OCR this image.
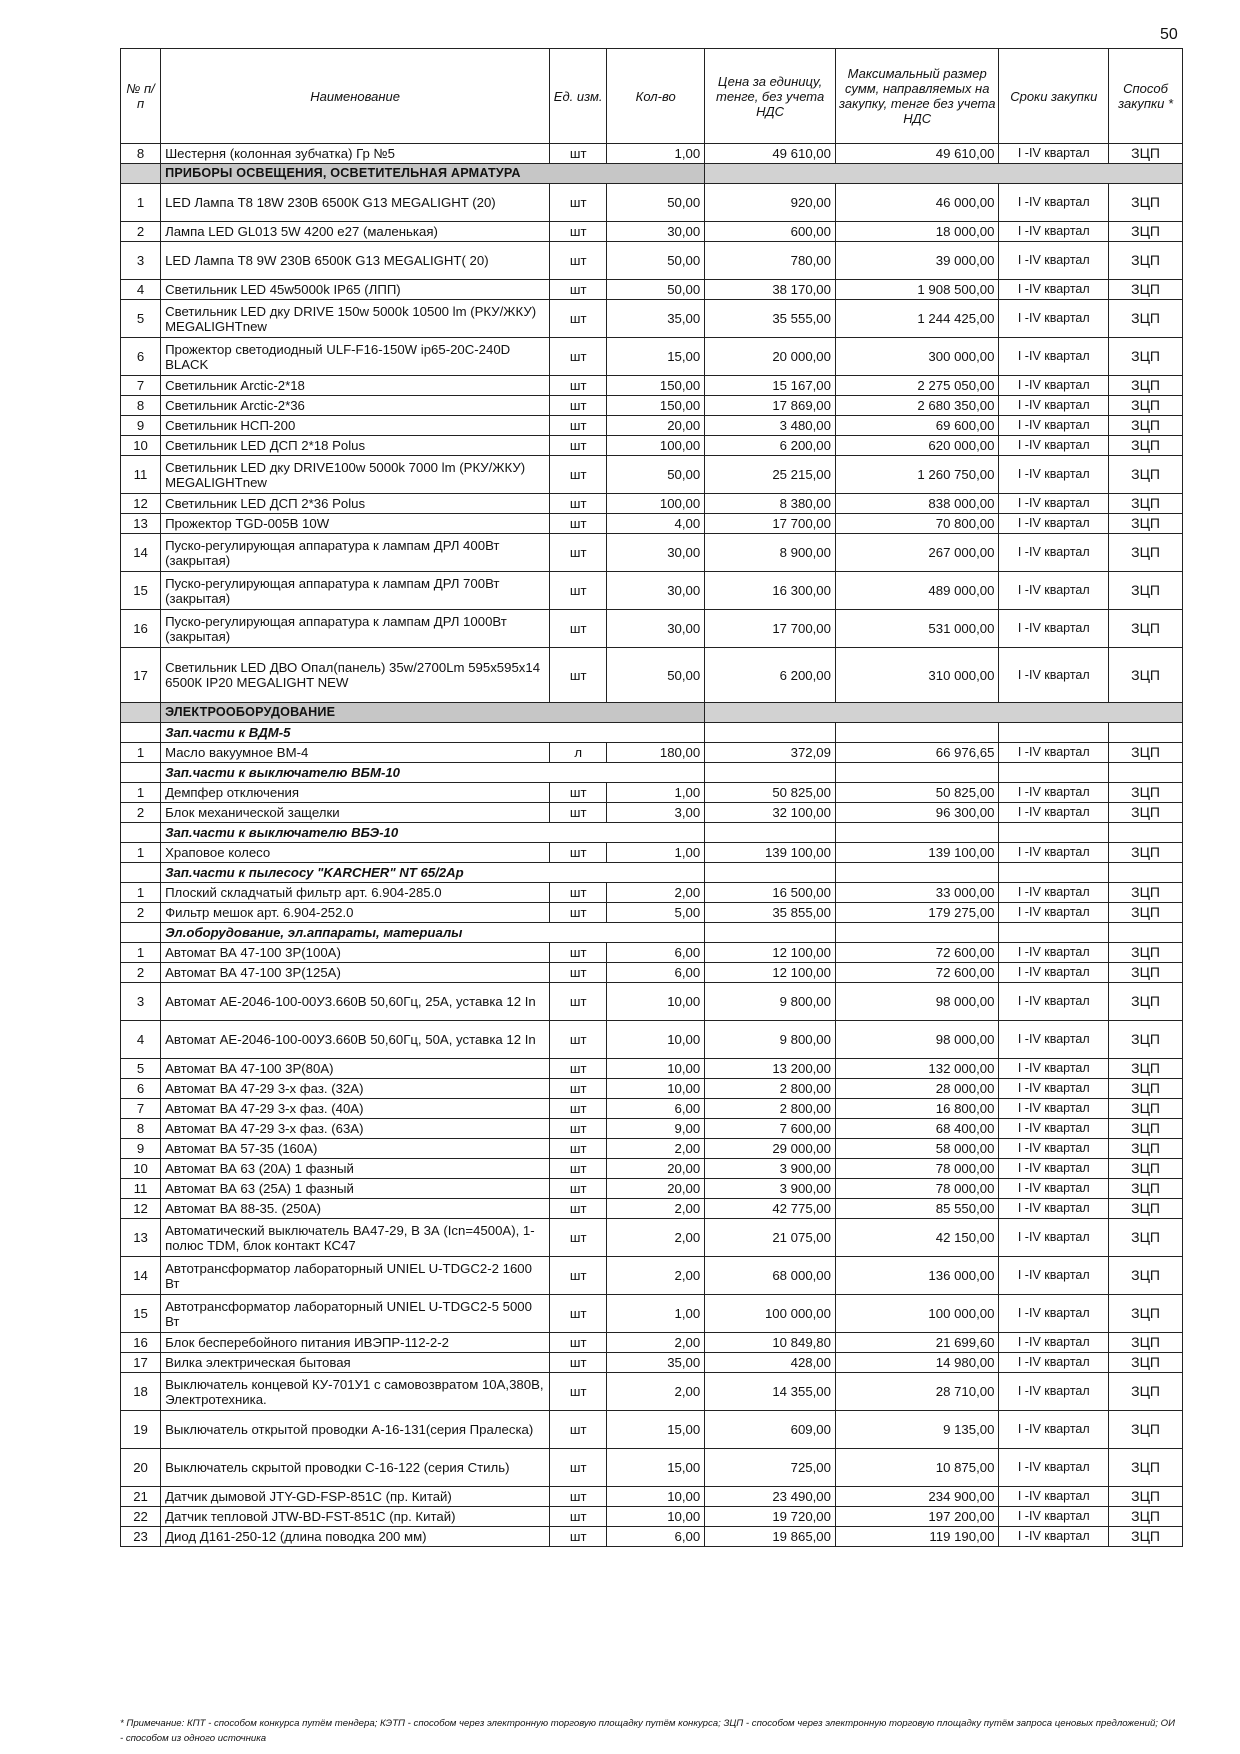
50
№ п/п	Наименование	Ед. изм.	Кол-во	Цена за единицу, тенге, без учета НДС	Максимальный размер сумм, направляемых на закупку, тенге без учета НДС	Сроки закупки	Способ закупки *
8	Шестерня (колонная зубчатка) Гр №5	шт	1,00	49 610,00	49 610,00	I -IV квартал	ЗЦП
	ПРИБОРЫ ОСВЕЩЕНИЯ, ОСВЕТИТЕЛЬНАЯ АРМАТУРА						
1	LED Лампа Т8 18W 230В 6500К G13 MEGALIGHT (20)	шт	50,00	920,00	46 000,00	I -IV квартал	ЗЦП
2	Лампа LED GL013 5W 4200 e27 (маленькая)	шт	30,00	600,00	18 000,00	I -IV квартал	ЗЦП
3	LED Лампа Т8 9W 230В 6500К G13 MEGALIGHT( 20)	шт	50,00	780,00	39 000,00	I -IV квартал	ЗЦП
4	Светильник LED 45w5000k IP65 (ЛПП)	шт	50,00	38 170,00	1 908 500,00	I -IV квартал	ЗЦП
5	Светильник LED дку DRIVE 150w 5000k 10500 lm (РКУ/ЖКУ) MEGALIGHTnew	шт	35,00	35 555,00	1 244 425,00	I -IV квартал	ЗЦП
6	Прожектор светодиодный ULF-F16-150W ip65-20C-240D BLACK	шт	15,00	20 000,00	300 000,00	I -IV квартал	ЗЦП
7	Светильник Arctic-2*18	шт	150,00	15 167,00	2 275 050,00	I -IV квартал	ЗЦП
8	Светильник Arctic-2*36	шт	150,00	17 869,00	2 680 350,00	I -IV квартал	ЗЦП
9	Светильник НСП-200	шт	20,00	3 480,00	69 600,00	I -IV квартал	ЗЦП
10	Светильник LED ДСП 2*18 Polus	шт	100,00	6 200,00	620 000,00	I -IV квартал	ЗЦП
11	Светильник LED дку DRIVE100w 5000k 7000 lm (РКУ/ЖКУ) MEGALIGHTnew	шт	50,00	25 215,00	1 260 750,00	I -IV квартал	ЗЦП
12	Светильник LED ДСП 2*36 Polus	шт	100,00	8 380,00	838 000,00	I -IV квартал	ЗЦП
13	Прожектор TGD-005B 10W	шт	4,00	17 700,00	70 800,00	I -IV квартал	ЗЦП
14	Пуско-регулирующая аппаратура к лампам ДРЛ 400Вт (закрытая)	шт	30,00	8 900,00	267 000,00	I -IV квартал	ЗЦП
15	Пуско-регулирующая аппаратура к лампам ДРЛ 700Вт (закрытая)	шт	30,00	16 300,00	489 000,00	I -IV квартал	ЗЦП
16	Пуско-регулирующая аппаратура к лампам ДРЛ 1000Вт (закрытая)	шт	30,00	17 700,00	531 000,00	I -IV квартал	ЗЦП
17	Светильник LED ДВО Опал(панель) 35w/2700Lm 595х595х14 6500К IP20 MEGALIGHT NEW	шт	50,00	6 200,00	310 000,00	I -IV квартал	ЗЦП
	ЭЛЕКТРООБОРУДОВАНИЕ						
	Зап.части к ВДМ-5						
1	Масло вакуумное ВМ-4	л	180,00	372,09	66 976,65	I -IV квартал	ЗЦП
	Зап.части к выключателю ВБМ-10						
1	Демпфер отключения	шт	1,00	50 825,00	50 825,00	I -IV квартал	ЗЦП
2	Блок механической защелки	шт	3,00	32 100,00	96 300,00	I -IV квартал	ЗЦП
	Зап.части к выключателю ВБЭ-10						
1	Храповое колесо	шт	1,00	139 100,00	139 100,00	I -IV квартал	ЗЦП
	Зап.части к пылесосу "KARCHER" NT 65/2Ap						
1	Плоский складчатый фильтр арт. 6.904-285.0	шт	2,00	16 500,00	33 000,00	I -IV квартал	ЗЦП
2	Фильтр мешок арт. 6.904-252.0	шт	5,00	35 855,00	179 275,00	I -IV квартал	ЗЦП
	Эл.оборудование, эл.аппараты, материалы						
1	Автомат ВА 47-100 3Р(100А)	шт	6,00	12 100,00	72 600,00	I -IV квартал	ЗЦП
2	Автомат ВА 47-100 3Р(125А)	шт	6,00	12 100,00	72 600,00	I -IV квартал	ЗЦП
3	Автомат АЕ-2046-100-00У3.660В 50,60Гц, 25А, уставка 12 In	шт	10,00	9 800,00	98 000,00	I -IV квартал	ЗЦП
4	Автомат АЕ-2046-100-00У3.660В 50,60Гц, 50А, уставка 12 In	шт	10,00	9 800,00	98 000,00	I -IV квартал	ЗЦП
5	Автомат ВА 47-100 3Р(80А)	шт	10,00	13 200,00	132 000,00	I -IV квартал	ЗЦП
6	Автомат ВА 47-29 3-х фаз. (32А)	шт	10,00	2 800,00	28 000,00	I -IV квартал	ЗЦП
7	Автомат ВА 47-29 3-х фаз. (40А)	шт	6,00	2 800,00	16 800,00	I -IV квартал	ЗЦП
8	Автомат ВА 47-29 3-х фаз. (63А)	шт	9,00	7 600,00	68 400,00	I -IV квартал	ЗЦП
9	Автомат ВА 57-35 (160А)	шт	2,00	29 000,00	58 000,00	I -IV квартал	ЗЦП
10	Автомат ВА 63 (20А) 1 фазный	шт	20,00	3 900,00	78 000,00	I -IV квартал	ЗЦП
11	Автомат ВА 63 (25А) 1 фазный	шт	20,00	3 900,00	78 000,00	I -IV квартал	ЗЦП
12	Автомат ВА 88-35. (250А)	шт	2,00	42 775,00	85 550,00	I -IV квартал	ЗЦП
13	Автоматический выключатель ВА47-29, В 3А (Icn=4500A), 1-полюс TDM, блок контакт КС47	шт	2,00	21 075,00	42 150,00	I -IV квартал	ЗЦП
14	Автотрансформатор лабораторный UNIEL U-TDGC2-2 1600 Вт	шт	2,00	68 000,00	136 000,00	I -IV квартал	ЗЦП
15	Автотрансформатор лабораторный UNIEL U-TDGC2-5 5000 Вт	шт	1,00	100 000,00	100 000,00	I -IV квартал	ЗЦП
16	Блок бесперебойного питания ИВЭПР-112-2-2	шт	2,00	10 849,80	21 699,60	I -IV квартал	ЗЦП
17	Вилка электрическая бытовая	шт	35,00	428,00	14 980,00	I -IV квартал	ЗЦП
18	Выключатель концевой КУ-701У1 с самовозвратом 10А,380В, Электротехника.	шт	2,00	14 355,00	28 710,00	I -IV квартал	ЗЦП
19	Выключатель открытой проводки А-16-131(серия Пралеска)	шт	15,00	609,00	9 135,00	I -IV квартал	ЗЦП
20	Выключатель скрытой проводки С-16-122 (серия Стиль)	шт	15,00	725,00	10 875,00	I -IV квартал	ЗЦП
21	Датчик дымовой JTY-GD-FSP-851C (пр. Китай)	шт	10,00	23 490,00	234 900,00	I -IV квартал	ЗЦП
22	Датчик тепловой JTW-BD-FST-851C (пр. Китай)	шт	10,00	19 720,00	197 200,00	I -IV квартал	ЗЦП
23	Диод Д161-250-12 (длина поводка 200 мм)	шт	6,00	19 865,00	119 190,00	I -IV квартал	ЗЦП
* Примечание: КПТ - способом конкурса путём тендера; КЭТП - способом через электронную торговую площадку путём конкурса; ЗЦП - способом через электронную торговую площадку путём запроса ценовых предложений; ОИ - способом из одного источника
